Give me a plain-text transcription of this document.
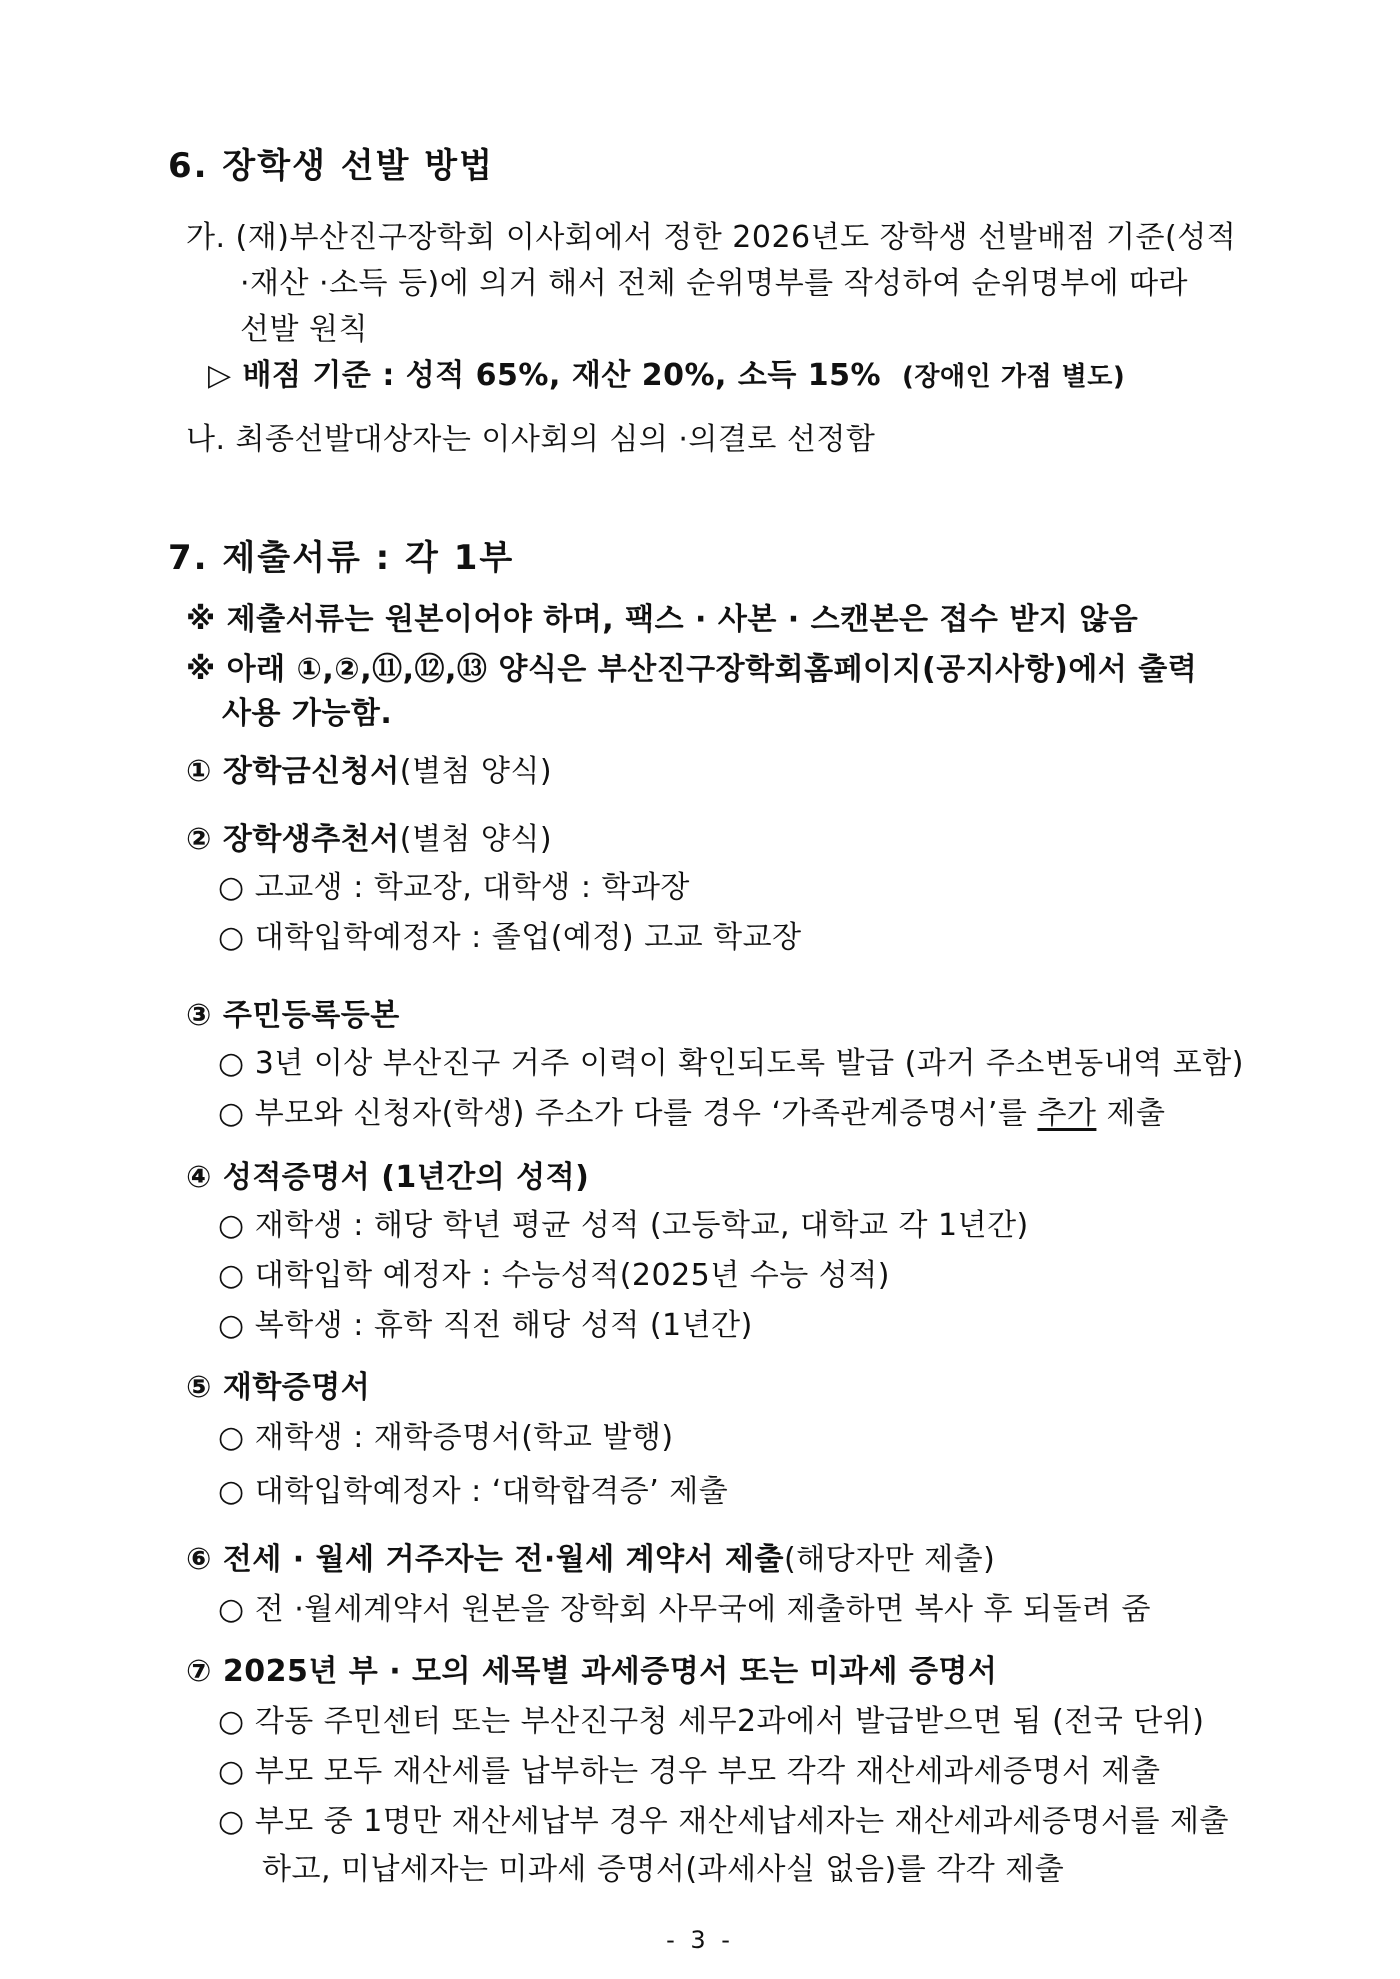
6. 장학생 선발 방법
가. (재)부산진구장학회 이사회에서 정한 2026년도 장학생 선발배점 기준(성적
·재산 ·소득 등)에 의거 해서 전체 순위명부를 작성하여 순위명부에 따라
선발 원칙
▷ 배점 기준 : 성적 65%, 재산 20%, 소득 15% (장애인 가점 별도)
나. 최종선발대상자는 이사회의 심의 ·의결로 선정함
7. 제출서류 : 각 1부
※ 제출서류는 원본이어야 하며, 팩스 · 사본 · 스캔본은 접수 받지 않음
※ 아래 ①,②,⑪,⑫,⑬ 양식은 부산진구장학회홈페이지(공지사항)에서 출력
사용 가능함.
① 장학금신청서(별첨 양식)
② 장학생추천서(별첨 양식)
○ 고교생 : 학교장, 대학생 : 학과장
○ 대학입학예정자 : 졸업(예정) 고교 학교장
③ 주민등록등본
○ 3년 이상 부산진구 거주 이력이 확인되도록 발급 (과거 주소변동내역 포함)
○ 부모와 신청자(학생) 주소가 다를 경우 ‘가족관계증명서’를 추가 제출
④ 성적증명서 (1년간의 성적)
○ 재학생 : 해당 학년 평균 성적 (고등학교, 대학교 각 1년간)
○ 대학입학 예정자 : 수능성적(2025년 수능 성적)
○ 복학생 : 휴학 직전 해당 성적 (1년간)
⑤ 재학증명서
○ 재학생 : 재학증명서(학교 발행)
○ 대학입학예정자 : ‘대학합격증’ 제출
⑥ 전세 · 월세 거주자는 전·월세 계약서 제출(해당자만 제출)
○ 전 ·월세계약서 원본을 장학회 사무국에 제출하면 복사 후 되돌려 줌
⑦ 2025년 부 · 모의 세목별 과세증명서 또는 미과세 증명서
○ 각동 주민센터 또는 부산진구청 세무2과에서 발급받으면 됨 (전국 단위)
○ 부모 모두 재산세를 납부하는 경우 부모 각각 재산세과세증명서 제출
○ 부모 중 1명만 재산세납부 경우 재산세납세자는 재산세과세증명서를 제출
하고, 미납세자는 미과세 증명서(과세사실 없음)를 각각 제출
- 3 -
